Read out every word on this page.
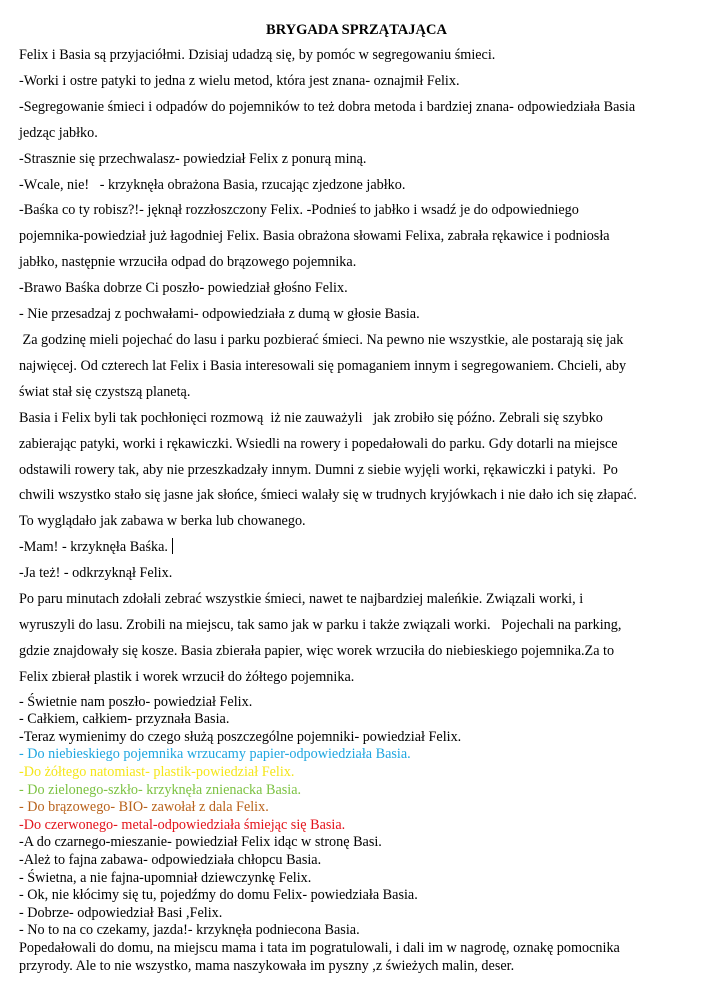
BRYGADA SPRZĄTAJĄCA

Felix i Basia są przyjaciółmi. Dzisiaj udadzą się, by pomóc w segregowaniu śmieci.

-Worki i ostre patyki to jedna z wielu metod, która jest znana- oznajmił Felix.

-Segregowanie śmieci i odpadów do pojemników to też dobra metoda i bardziej znana- odpowiedziała Basia

jedząc jabłko.

-Strasznie się przechwalasz- powiedział Felix z ponurą miną.

-Wcale, nie!   - krzyknęła obrażona Basia, rzucając zjedzone jabłko.

-Baśka co ty robisz?!- jęknął rozzłoszczony Felix. -Podnieś to jabłko i wsadź je do odpowiedniego

pojemnika-powiedział już łagodniej Felix. Basia obrażona słowami Felixa, zabrała rękawice i podniosła

jabłko, następnie wrzuciła odpad do brązowego pojemnika.

-Brawo Baśka dobrze Ci poszło- powiedział głośno Felix.

- Nie przesadzaj z pochwałami- odpowiedziała z dumą w głosie Basia.

Za godzinę mieli pojechać do lasu i parku pozbierać śmieci. Na pewno nie wszystkie, ale postarają się jak

najwięcej. Od czterech lat Felix i Basia interesowali się pomaganiem innym i segregowaniem. Chcieli, aby

świat stał się czystszą planetą.

Basia i Felix byli tak pochłonięci rozmową  iż nie zauważyli   jak zrobiło się późno. Zebrali się szybko

zabierając patyki, worki i rękawiczki. Wsiedli na rowery i popedałowali do parku. Gdy dotarli na miejsce

odstawili rowery tak, aby nie przeszkadzały innym. Dumni z siebie wyjęli worki, rękawiczki i patyki.  Po

chwili wszystko stało się jasne jak słońce, śmieci walały się w trudnych kryjówkach i nie dało ich się złapać.

To wyglądało jak zabawa w berka lub chowanego.

-Mam! - krzyknęła Baśka.

-Ja też! - odkrzyknął Felix.

Po paru minutach zdołali zebrać wszystkie śmieci, nawet te najbardziej maleńkie. Związali worki, i

wyruszyli do lasu. Zrobili na miejscu, tak samo jak w parku i także związali worki.   Pojechali na parking,

gdzie znajdowały się kosze. Basia zbierała papier, więc worek wrzuciła do niebieskiego pojemnika.Za to

Felix zbierał plastik i worek wrzucił do żółtego pojemnika.

- Świetnie nam poszło- powiedział Felix.

- Całkiem, całkiem- przyznała Basia.

-Teraz wymienimy do czego służą poszczególne pojemniki- powiedział Felix.

- Do niebieskiego pojemnika wrzucamy papier-odpowiedziała Basia.

-Do żółtego natomiast- plastik-powiedział Felix.

- Do zielonego-szkło- krzyknęła znienacka Basia.

- Do brązowego- BIO- zawołał z dala Felix.

-Do czerwonego- metal-odpowiedziała śmiejąc się Basia.

-A do czarnego-mieszanie- powiedział Felix idąc w stronę Basi.

-Ależ to fajna zabawa- odpowiedziała chłopcu Basia.

- Świetna, a nie fajna-upomniał dziewczynkę Felix.

- Ok, nie kłócimy się tu, pojedźmy do domu Felix- powiedziała Basia.

- Dobrze- odpowiedział Basi ,Felix.

- No to na co czekamy, jazda!- krzyknęła podniecona Basia.

Popedałowali do domu, na miejscu mama i tata im pogratulowali, i dali im w nagrodę, oznakę pomocnika

przyrody. Ale to nie wszystko, mama naszykowała im pyszny ,z świeżych malin, deser.
